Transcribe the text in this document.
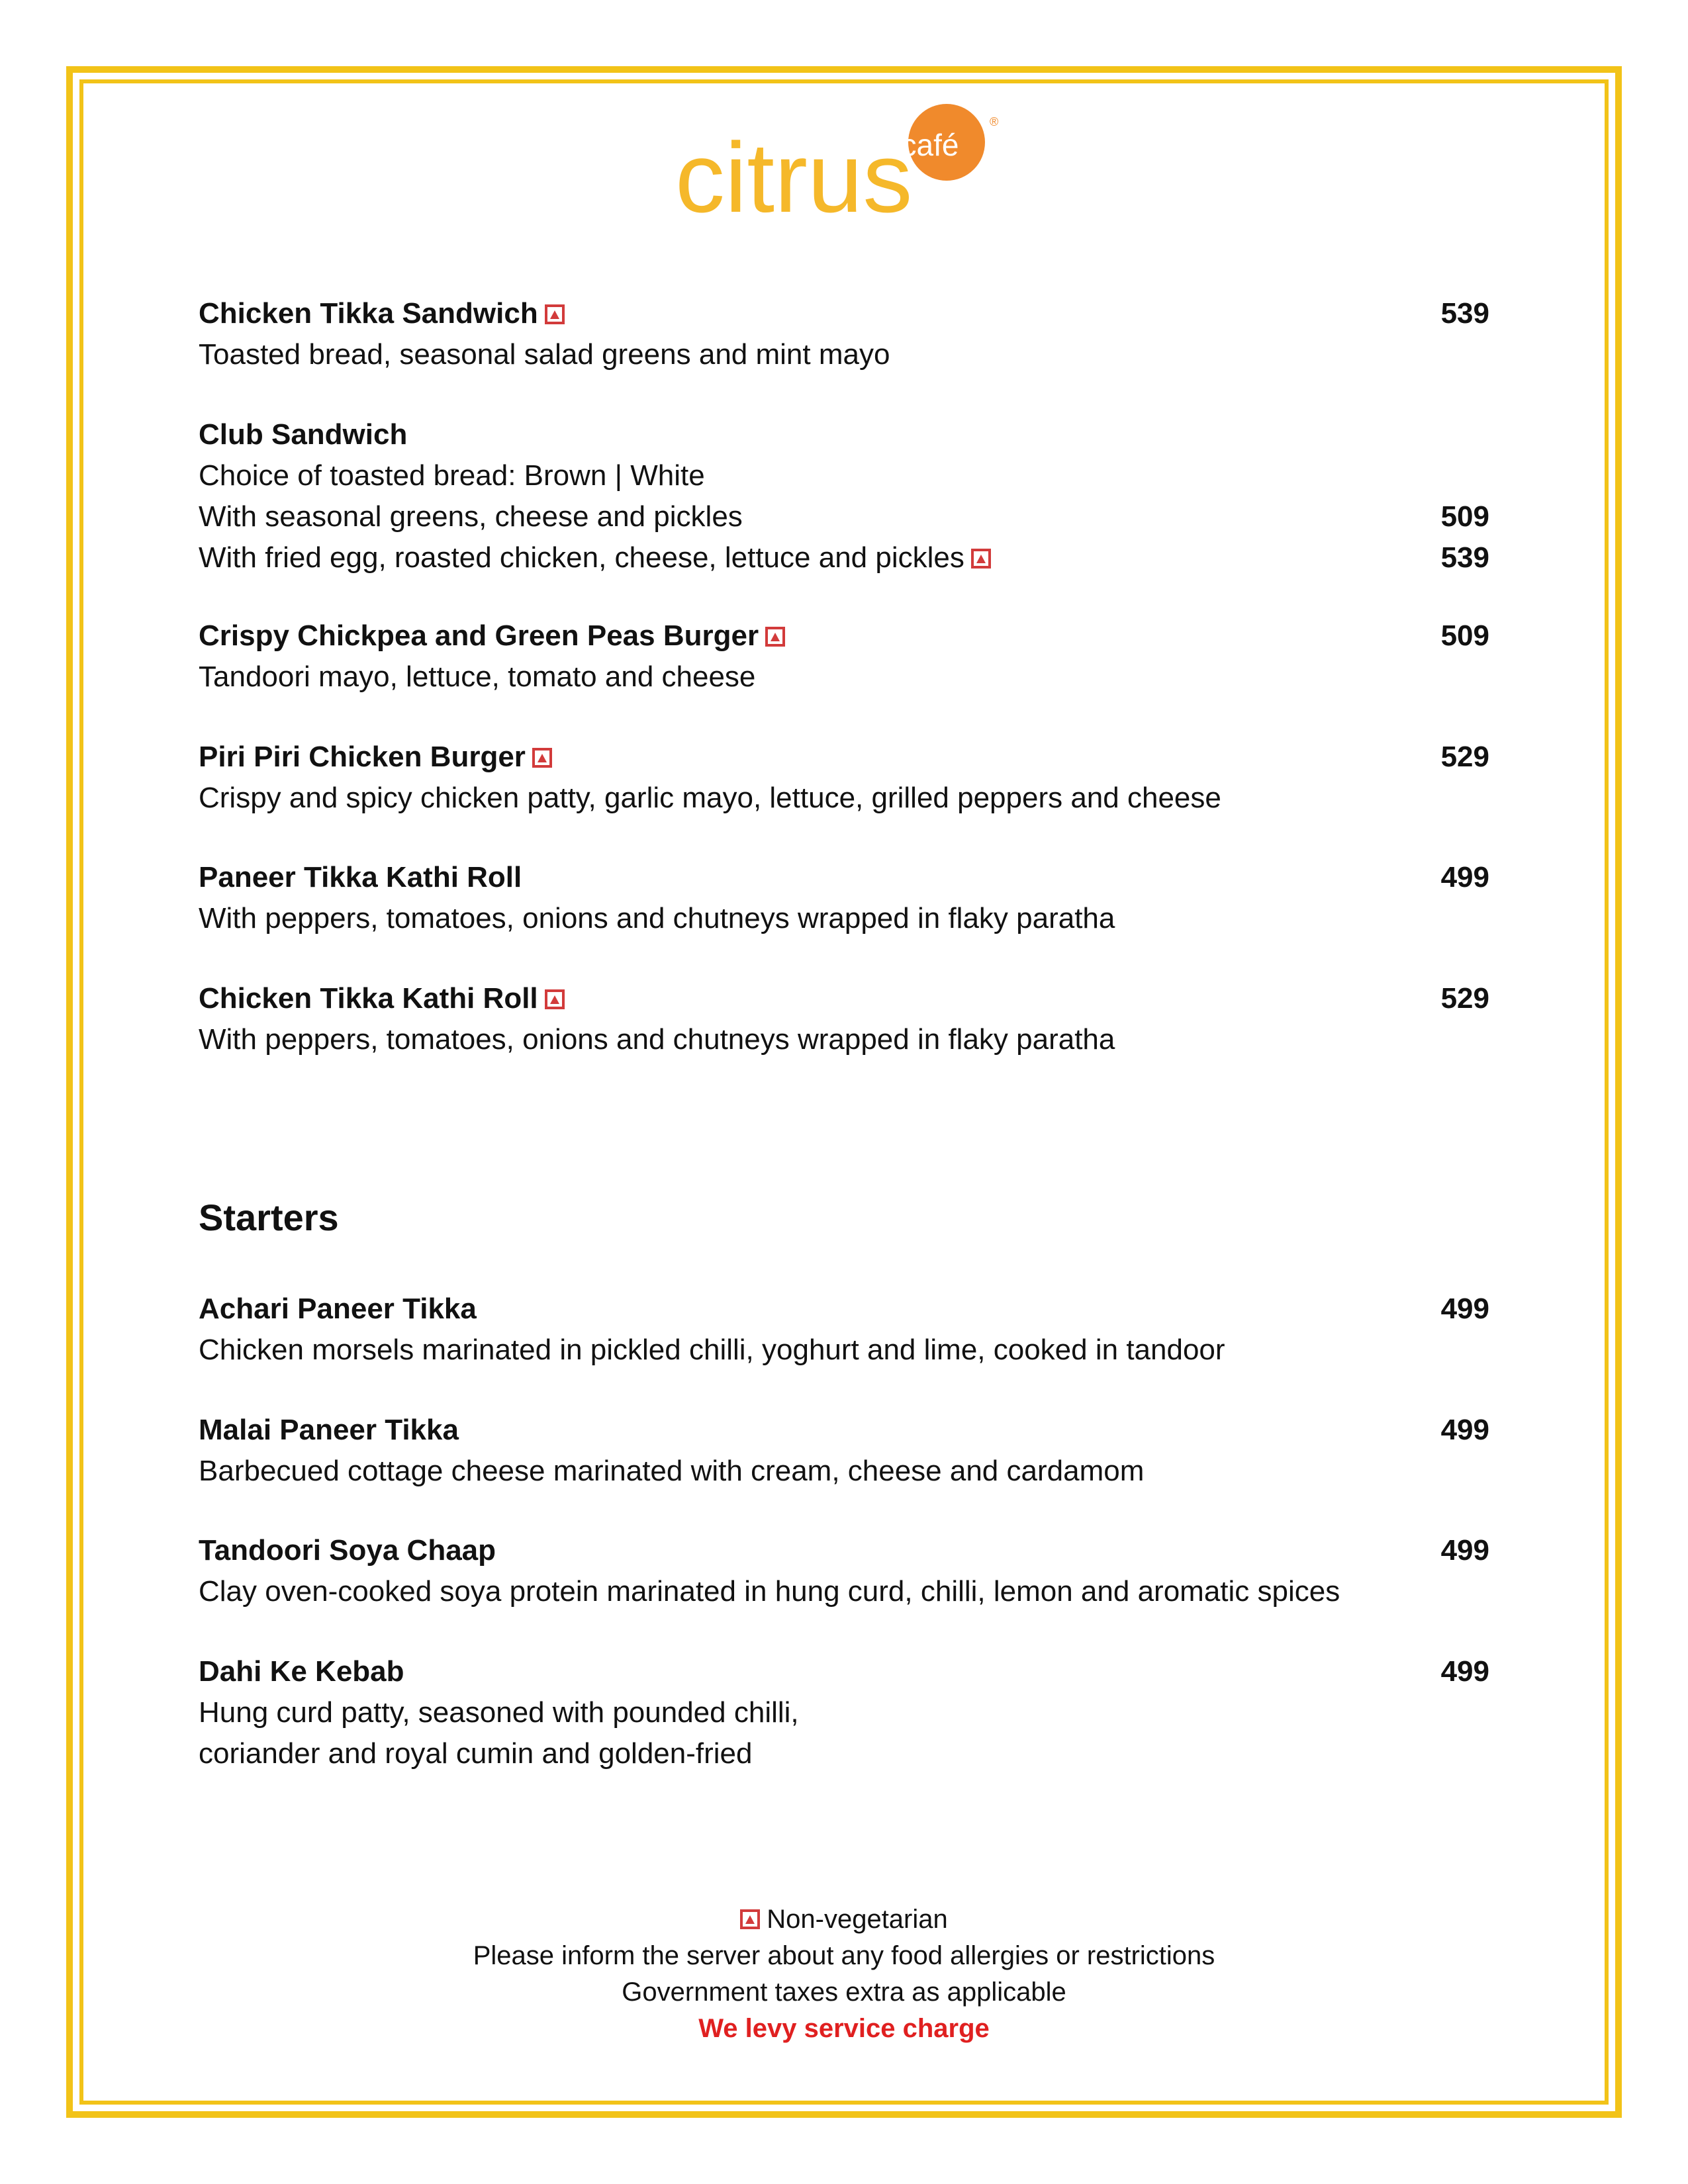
café
citrus	®
Chicken Tikka Sandwich	539
Toasted bread, seasonal salad greens and mint mayo
Club Sandwich
Choice of toasted bread: Brown | White
With seasonal greens, cheese and pickles	509
With fried egg, roasted chicken, cheese, lettuce and pickles	539
Crispy Chickpea and Green Peas Burger	509
Tandoori mayo, lettuce, tomato and cheese
Piri Piri Chicken Burger	529
Crispy and spicy chicken patty, garlic mayo, lettuce, grilled peppers and cheese
Paneer Tikka Kathi Roll	499
With peppers, tomatoes, onions and chutneys wrapped in flaky paratha
Chicken Tikka Kathi Roll	529
With peppers, tomatoes, onions and chutneys wrapped in flaky paratha
Starters
Achari Paneer Tikka	499
Chicken morsels marinated in pickled chilli, yoghurt and lime, cooked in tandoor
Malai Paneer Tikka	499
Barbecued cottage cheese marinated with cream, cheese and cardamom
Tandoori Soya Chaap	499
Clay oven-cooked soya protein marinated in hung curd, chilli, lemon and aromatic spices
Dahi Ke Kebab	499
Hung curd patty, seasoned with pounded chilli,
coriander and royal cumin and golden-fried
Non-vegetarian
Please inform the server about any food allergies or restrictions
Government taxes extra as applicable
We levy service charge
